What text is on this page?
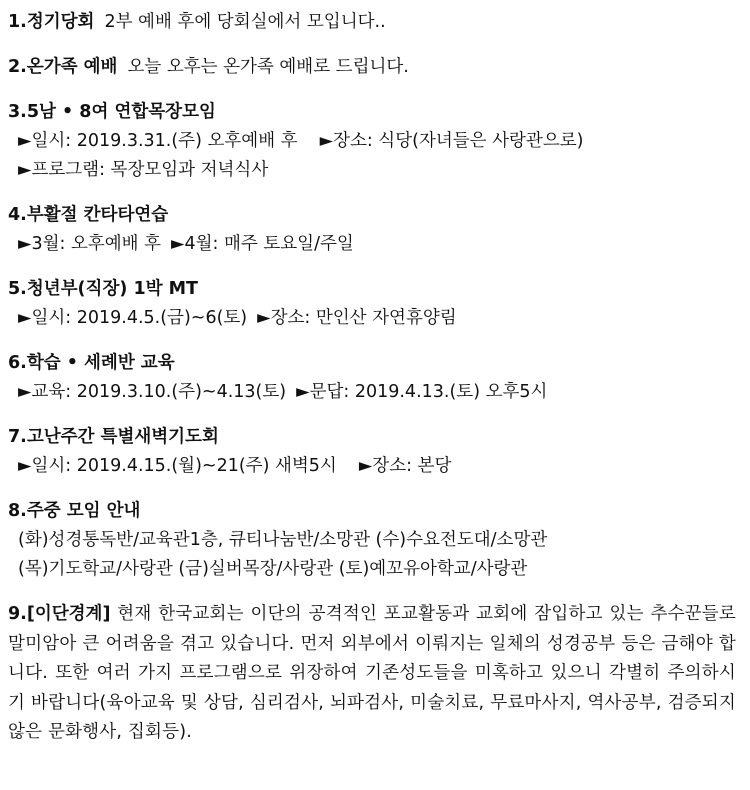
1.정기당회 2부 예배 후에 당회실에서 모입니다..
2.온가족 예배 오늘 오후는 온가족 예배로 드립니다.
3.5남 • 8여 연합목장모임
►일시: 2019.3.31.(주) 오후예배 후 ►장소: 식당(자녀들은 사랑관으로)
►프로그램: 목장모임과 저녁식사
4.부활절 칸타타연습
►3월: 오후예배 후 ►4월: 매주 토요일/주일
5.청년부(직장) 1박 MT
►일시: 2019.4.5.(금)~6(토) ►장소: 만인산 자연휴양림
6.학습 • 세례반 교육
►교육: 2019.3.10.(주)~4.13(토) ►문답: 2019.4.13.(토) 오후5시
7.고난주간 특별새벽기도회
►일시: 2019.4.15.(월)~21(주) 새벽5시 ►장소: 본당
8.주중 모임 안내
(화)성경통독반/교육관1층, 큐티나눔반/소망관 (수)수요전도대/소망관
(목)기도학교/사랑관 (금)실버목장/사랑관 (토)예꼬유아학교/사랑관
9.[이단경계] 현재 한국교회는 이단의 공격적인 포교활동과 교회에 잠입하고 있는 추수꾼들로 말미암아 큰 어려움을 겪고 있습니다. 먼저 외부에서 이뤄지는 일체의 성경공부 등은 금해야 합니다. 또한 여러 가지 프로그램으로 위장하여 기존성도들을 미혹하고 있으니 각별히 주의하시기 바랍니다(육아교육 및 상담, 심리검사, 뇌파검사, 미술치료, 무료마사지, 역사공부, 검증되지 않은 문화행사, 집회등).
